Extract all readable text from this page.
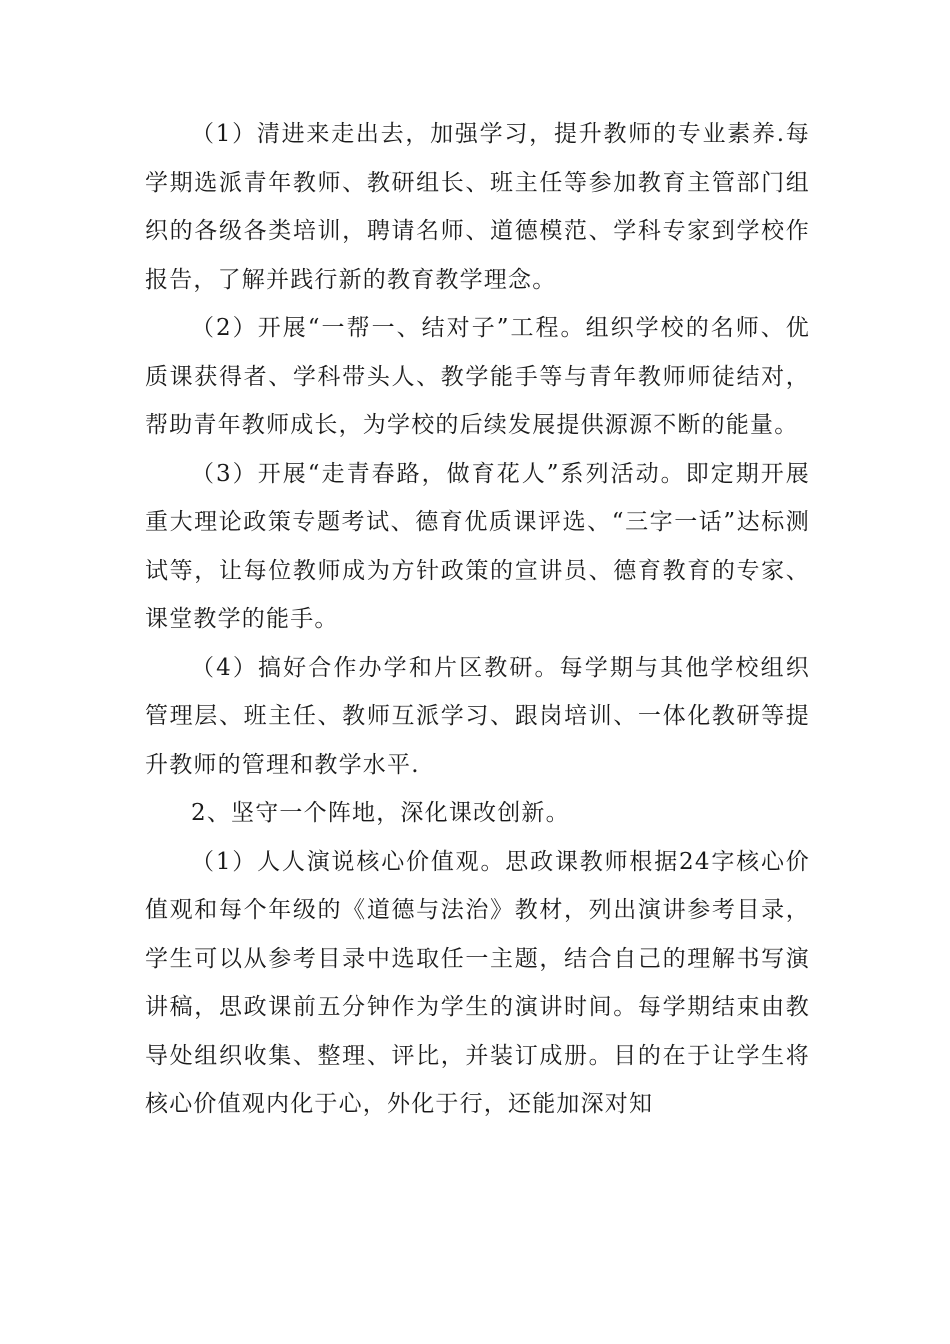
（1）清进来走出去，加强学习，提升教师的专业素养.每学期选派青年教师、教研组长、班主任等参加教育主管部门组织的各级各类培训，聘请名师、道德模范、学科专家到学校作报告，了解并践行新的教育教学理念。

（2）开展“一帮一、结对子”工程。组织学校的名师、优质课获得者、学科带头人、教学能手等与青年教师师徒结对，帮助青年教师成长，为学校的后续发展提供源源不断的能量。

（3）开展“走青春路，做育花人”系列活动。即定期开展重大理论政策专题考试、德育优质课评选、“三字一话”达标测试等，让每位教师成为方针政策的宣讲员、德育教育的专家、课堂教学的能手。

（4）搞好合作办学和片区教研。每学期与其他学校组织管理层、班主任、教师互派学习、跟岗培训、一体化教研等提升教师的管理和教学水平.

2、坚守一个阵地，深化课改创新。

（1）人人演说核心价值观。思政课教师根据24字核心价值观和每个年级的《道德与法治》教材，列出演讲参考目录，学生可以从参考目录中选取任一主题，结合自己的理解书写演讲稿，思政课前五分钟作为学生的演讲时间。每学期结束由教导处组织收集、整理、评比，并装订成册。目的在于让学生将核心价值观内化于心，外化于行，还能加深对知
